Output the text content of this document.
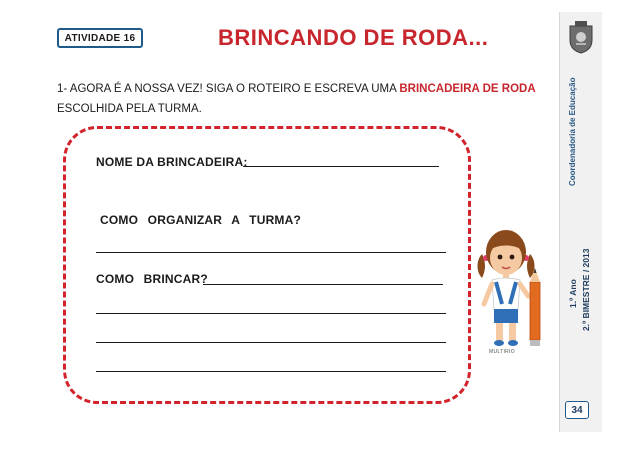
ATIVIDADE 16	BRINCANDO DE RODA...
1- AGORA É A NOSSA VEZ! SIGA O ROTEIRO E ESCREVA UMA BRINCADEIRA DE RODA
ESCOLHIDA PELA TURMA.
NOME DA BRINCADEIRA:
COMO ORGANIZAR A TURMA?
COMO BRINCAR?
MULTIRIO
Coordenadoria de Educação
1.º Ano 2.º BIMESTRE / 2013
34
